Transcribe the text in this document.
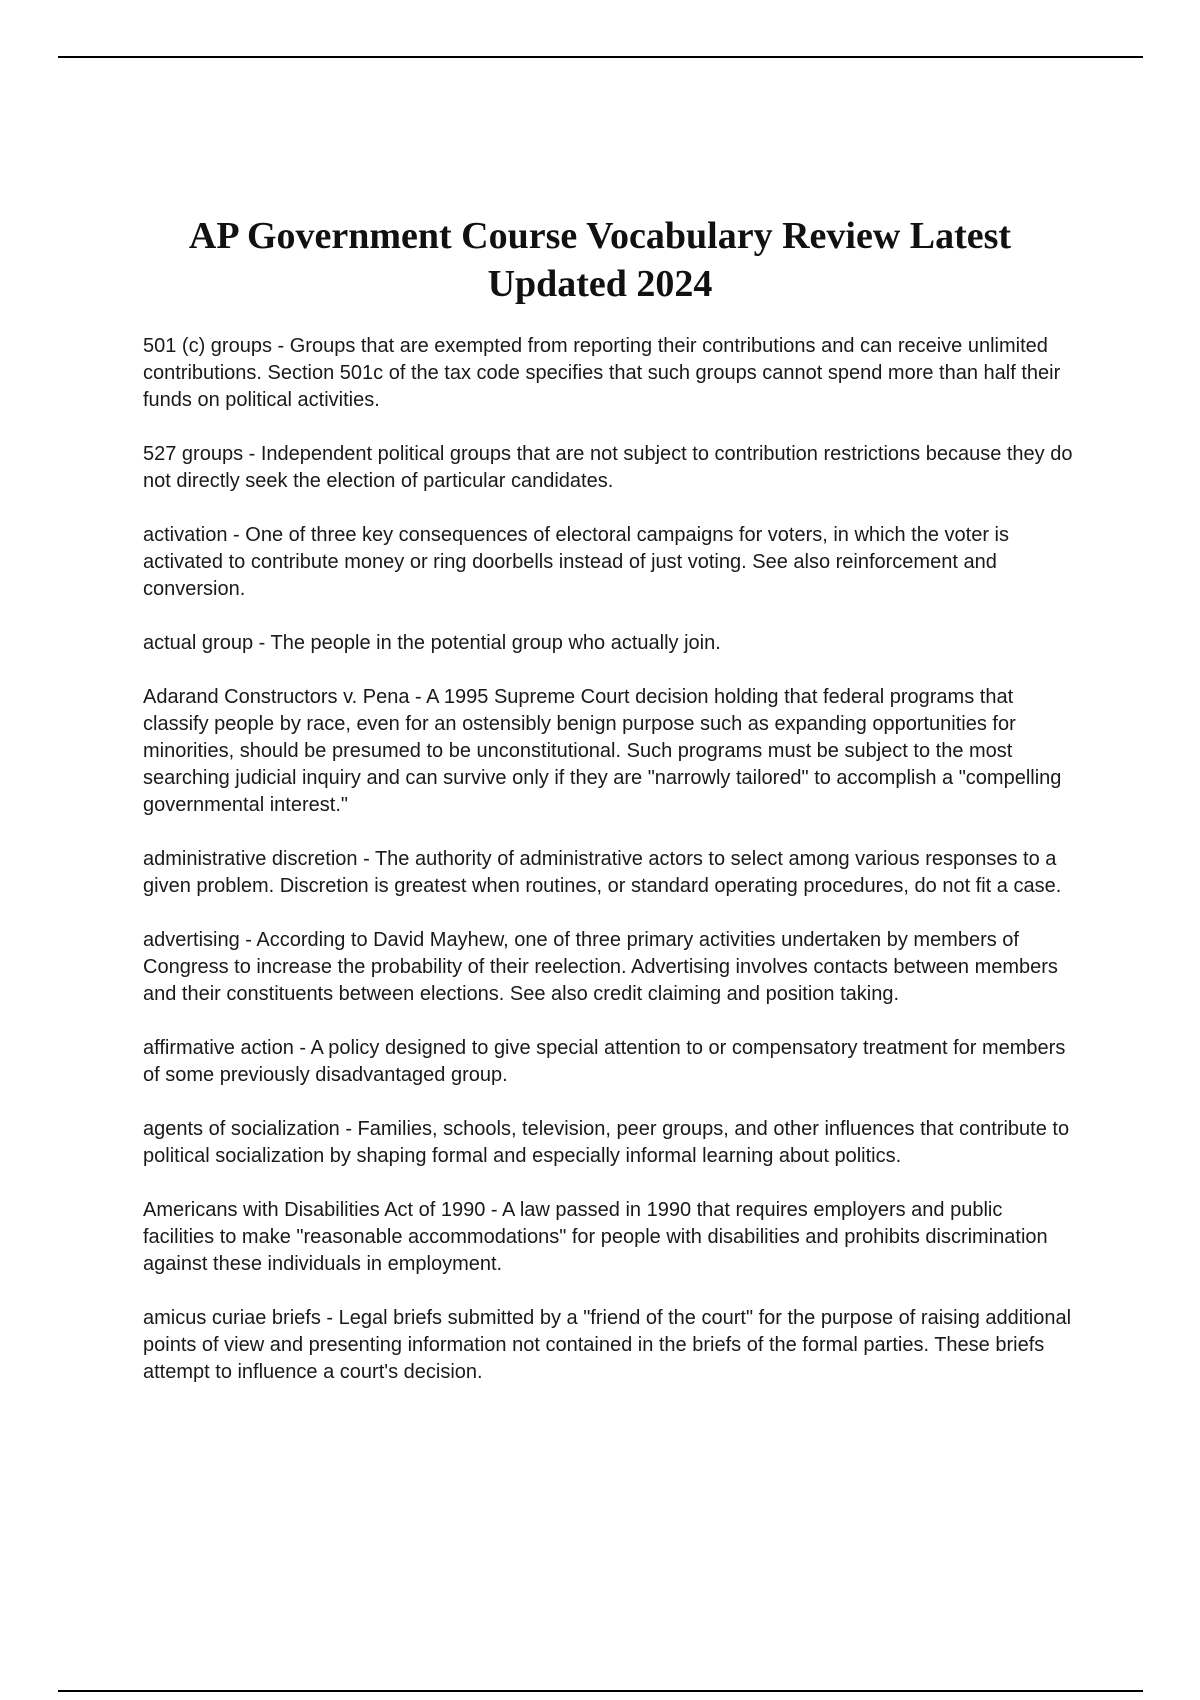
AP Government Course Vocabulary Review Latest Updated 2024

501 (c) groups - Groups that are exempted from reporting their contributions and can receive unlimited contributions. Section 501c of the tax code specifies that such groups cannot spend more than half their funds on political activities.

527 groups - Independent political groups that are not subject to contribution restrictions because they do not directly seek the election of particular candidates.

activation - One of three key consequences of electoral campaigns for voters, in which the voter is activated to contribute money or ring doorbells instead of just voting. See also reinforcement and conversion.

actual group - The people in the potential group who actually join.

Adarand Constructors v. Pena - A 1995 Supreme Court decision holding that federal programs that classify people by race, even for an ostensibly benign purpose such as expanding opportunities for minorities, should be presumed to be unconstitutional. Such programs must be subject to the most searching judicial inquiry and can survive only if they are "narrowly tailored" to accomplish a "compelling governmental interest."

administrative discretion - The authority of administrative actors to select among various responses to a given problem. Discretion is greatest when routines, or standard operating procedures, do not fit a case.

advertising - According to David Mayhew, one of three primary activities undertaken by members of Congress to increase the probability of their reelection. Advertising involves contacts between members and their constituents between elections. See also credit claiming and position taking.

affirmative action - A policy designed to give special attention to or compensatory treatment for members of some previously disadvantaged group.

agents of socialization - Families, schools, television, peer groups, and other influences that contribute to political socialization by shaping formal and especially informal learning about politics.

Americans with Disabilities Act of 1990 - A law passed in 1990 that requires employers and public facilities to make "reasonable accommodations" for people with disabilities and prohibits discrimination against these individuals in employment.

amicus curiae briefs - Legal briefs submitted by a "friend of the court" for the purpose of raising additional points of view and presenting information not contained in the briefs of the formal parties. These briefs attempt to influence a court's decision.
